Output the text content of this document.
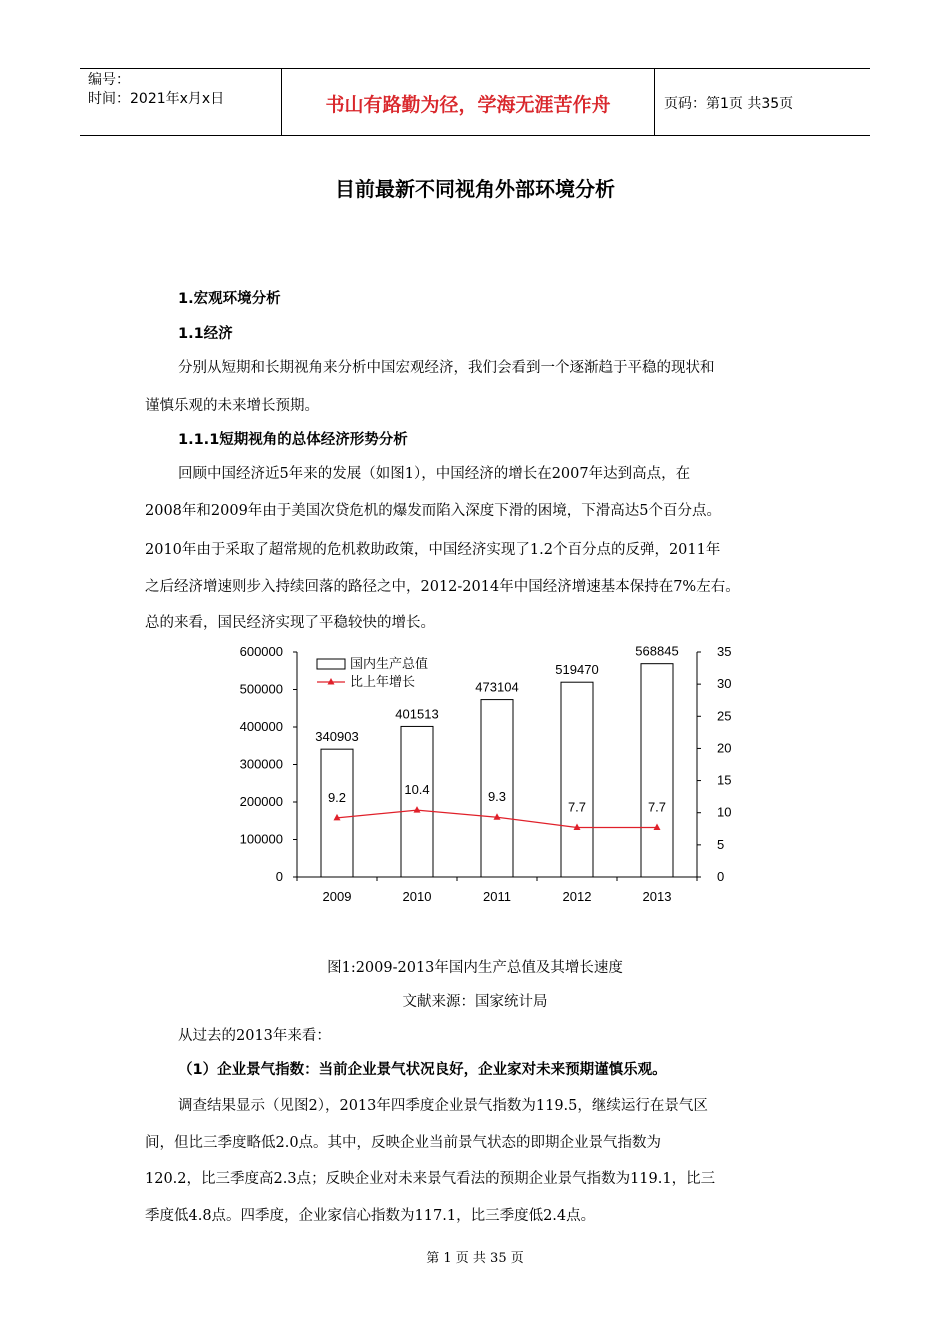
编号：
时间：2021年x月x日	书山有路勤为径，学海无涯苦作舟	页码：第1页 共35页
目前最新不同视角外部环境分析
1.宏观环境分析
1.1经济
分别从短期和长期视角来分析中国宏观经济，我们会看到一个逐渐趋于平稳的现状和
谨慎乐观的未来增长预期。
1.1.1短期视角的总体经济形势分析
回顾中国经济近5年来的发展（如图1），中国经济的增长在2007年达到高点，在
2008年和2009年由于美国次贷危机的爆发而陷入深度下滑的困境，下滑高达5个百分点。
2010年由于采取了超常规的危机救助政策，中国经济实现了1.2个百分点的反弹，2011年
之后经济增速则步入持续回落的路径之中，2012-2014年中国经济增速基本保持在7%左右。
总的来看，国民经济实现了平稳较快的增长。
0
100000
200000
300000
400000
500000
600000
0
5
10
15
20
25
30
35
340903
2009
401513
2010
473104
2011
519470
2012
568845
2013
9.2
10.4	9.3
7.7	7.7
国内生产总值
比上年增长
图1:2009-2013年国内生产总值及其增长速度
文献来源：国家统计局
从过去的2013年来看：
（1）企业景气指数：当前企业景气状况良好，企业家对未来预期谨慎乐观。
调查结果显示（见图2），2013年四季度企业景气指数为119.5，继续运行在景气区
间，但比三季度略低2.0点。其中，反映企业当前景气状态的即期企业景气指数为
120.2，比三季度高2.3点；反映企业对未来景气看法的预期企业景气指数为119.1，比三
季度低4.8点。四季度，企业家信心指数为117.1，比三季度低2.4点。
第 1 页 共 35 页
